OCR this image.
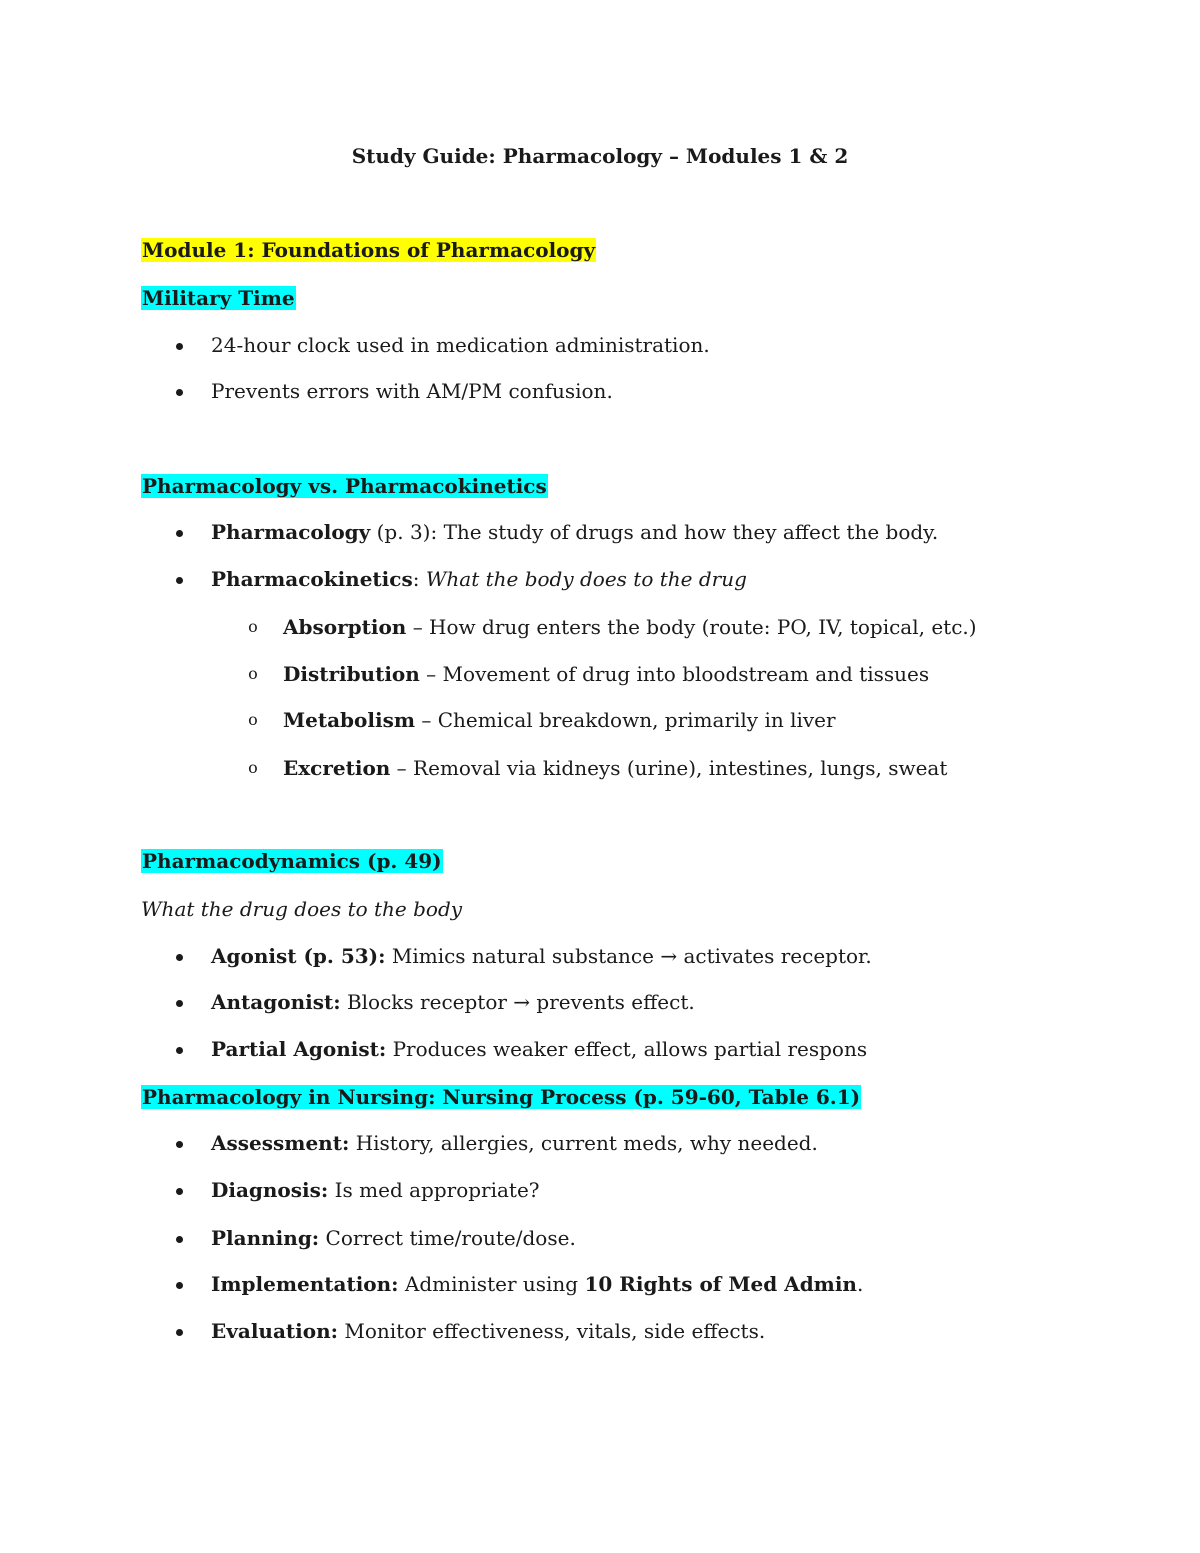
Study Guide: Pharmacology – Modules 1 & 2
Module 1: Foundations of Pharmacology
Military Time
24-hour clock used in medication administration.
Prevents errors with AM/PM confusion.
Pharmacology vs. Pharmacokinetics
Pharmacology (p. 3): The study of drugs and how they affect the body.
Pharmacokinetics: What the body does to the drug
o Absorption – How drug enters the body (route: PO, IV, topical, etc.)
o Distribution – Movement of drug into bloodstream and tissues
o Metabolism – Chemical breakdown, primarily in liver
o Excretion – Removal via kidneys (urine), intestines, lungs, sweat
Pharmacodynamics (p. 49)
What the drug does to the body
Agonist (p. 53): Mimics natural substance → activates receptor.
Antagonist: Blocks receptor → prevents effect.
Partial Agonist: Produces weaker effect, allows partial respons
Pharmacology in Nursing: Nursing Process (p. 59-60, Table 6.1)
Assessment: History, allergies, current meds, why needed.
Diagnosis: Is med appropriate?
Planning: Correct time/route/dose.
Implementation: Administer using 10 Rights of Med Admin.
Evaluation: Monitor effectiveness, vitals, side effects.
